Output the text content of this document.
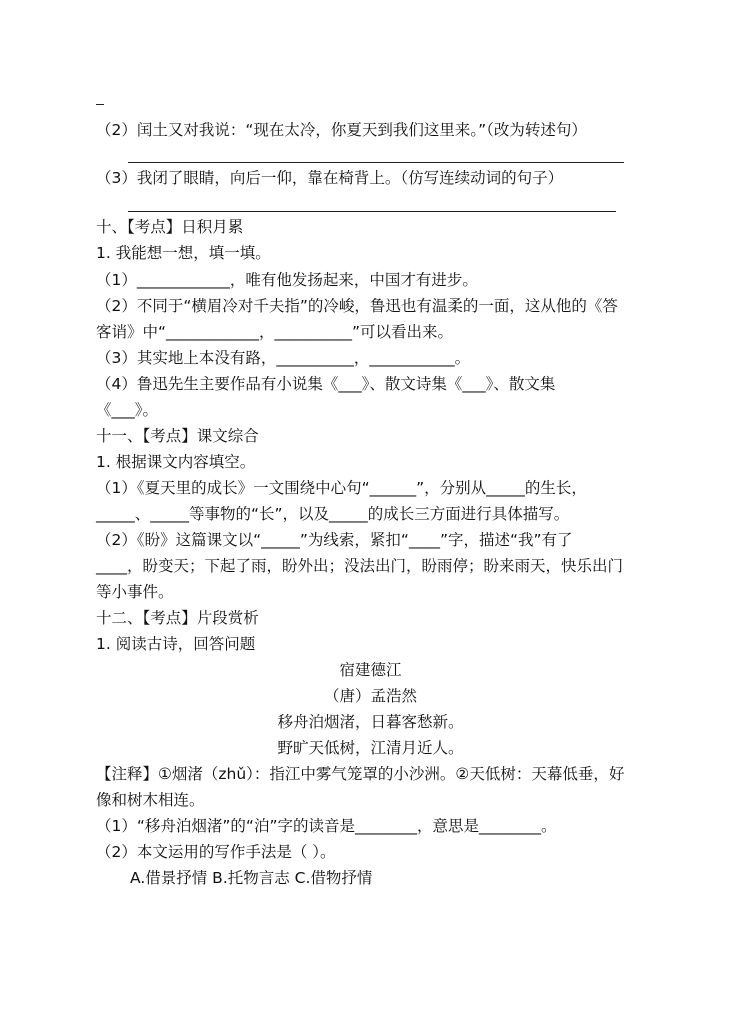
（2）闰土又对我说：“现在太冷，你夏天到我们这里来。”（改为转述句）
（3）我闭了眼睛，向后一仰，靠在椅背上。（仿写连续动词的句子）
十、【考点】日积月累
1. 我能想一想，填一填。
（1）____________，唯有他发扬起来，中国才有进步。
（2）不同于“横眉冷对千夫指”的冷峻，鲁迅也有温柔的一面，这从他的《答
客诮》中“____________，__________”可以看出来。
（3）其实地上本没有路，__________，___________。
（4）鲁迅先生主要作品有小说集《___》、散文诗集《___》、散文集
《___》。
十一、【考点】课文综合
1. 根据课文内容填空。
（1）《夏天里的成长》一文围绕中心句“______”，分别从_____的生长，
_____、_____等事物的“长”，以及_____的成长三方面进行具体描写。
（2）《盼》这篇课文以“_____”为线索，紧扣“____”字，描述“我”有了
____，盼变天；下起了雨，盼外出；没法出门，盼雨停；盼来雨天，快乐出门
等小事件。
十二、【考点】片段赏析
1. 阅读古诗，回答问题
宿建德江
（唐）孟浩然
移舟泊烟渚，日暮客愁新。
野旷天低树，江清月近人。
【注释】①烟渚（zhǔ）：指江中雾气笼罩的小沙洲。②天低树：天幕低垂，好
像和树木相连。
（1）“移舟泊烟渚”的“泊”字的读音是________，意思是________。
（2）本文运用的写作手法是（ ）。
A.借景抒情 B.托物言志 C.借物抒情
